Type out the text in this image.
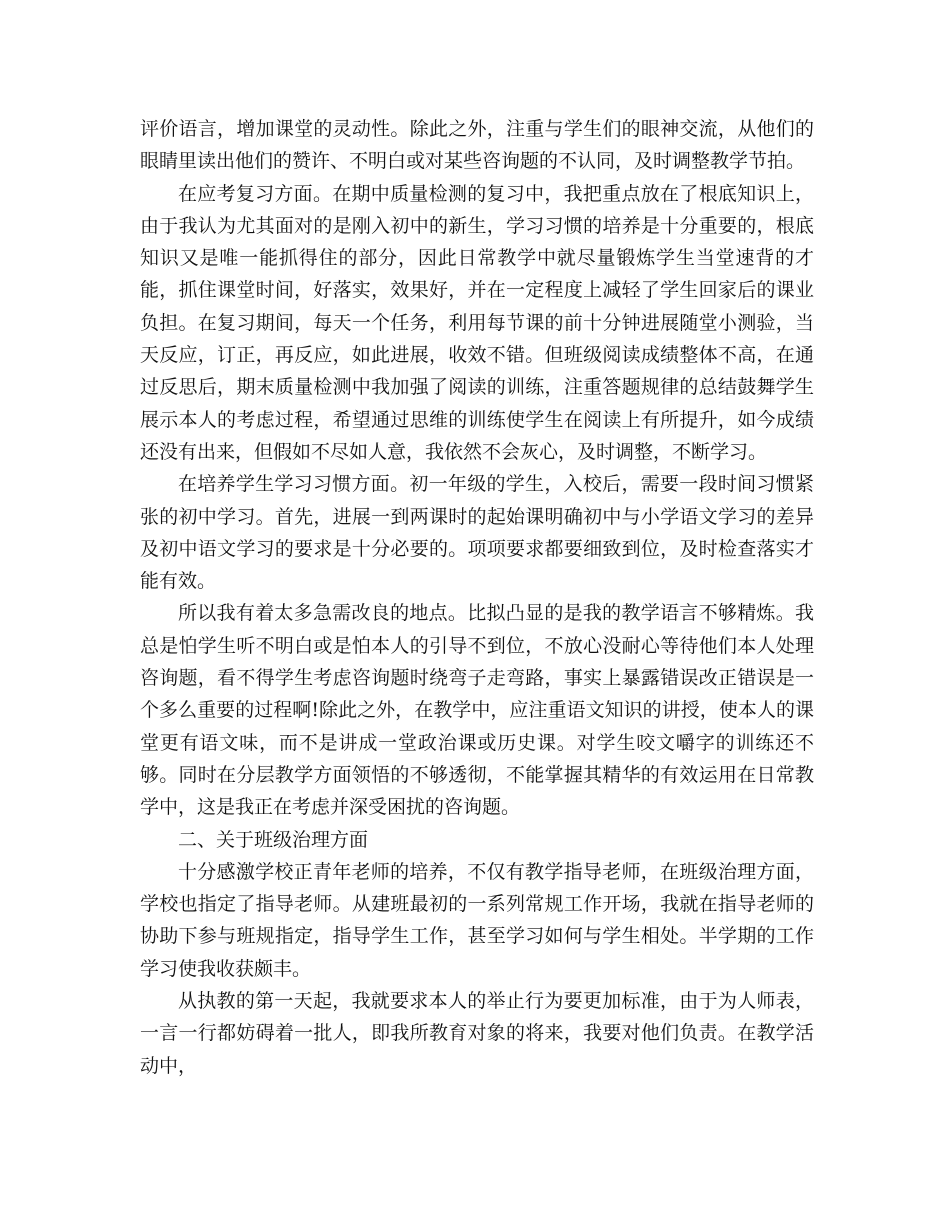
评价语言，增加课堂的灵动性。除此之外，注重与学生们的眼神交流，从他们的眼睛里读出他们的赞许、不明白或对某些咨询题的不认同，及时调整教学节拍。

在应考复习方面。在期中质量检测的复习中，我把重点放在了根底知识上，由于我认为尤其面对的是刚入初中的新生，学习习惯的培养是十分重要的，根底知识又是唯一能抓得住的部分，因此日常教学中就尽量锻炼学生当堂速背的才能，抓住课堂时间，好落实，效果好，并在一定程度上减轻了学生回家后的课业负担。在复习期间，每天一个任务，利用每节课的前十分钟进展随堂小测验，当天反应，订正，再反应，如此进展，收效不错。但班级阅读成绩整体不高，在通过反思后，期末质量检测中我加强了阅读的训练，注重答题规律的总结鼓舞学生展示本人的考虑过程，希望通过思维的训练使学生在阅读上有所提升，如今成绩还没有出来，但假如不尽如人意，我依然不会灰心，及时调整，不断学习。

在培养学生学习习惯方面。初一年级的学生，入校后，需要一段时间习惯紧张的初中学习。首先，进展一到两课时的起始课明确初中与小学语文学习的差异及初中语文学习的要求是十分必要的。项项要求都要细致到位，及时检查落实才能有效。

所以我有着太多急需改良的地点。比拟凸显的是我的教学语言不够精炼。我总是怕学生听不明白或是怕本人的引导不到位，不放心没耐心等待他们本人处理咨询题，看不得学生考虑咨询题时绕弯子走弯路，事实上暴露错误改正错误是一个多么重要的过程啊!除此之外，在教学中，应注重语文知识的讲授，使本人的课堂更有语文味，而不是讲成一堂政治课或历史课。对学生咬文嚼字的训练还不够。同时在分层教学方面领悟的不够透彻，不能掌握其精华的有效运用在日常教学中，这是我正在考虑并深受困扰的咨询题。

二、关于班级治理方面

十分感激学校正青年老师的培养，不仅有教学指导老师，在班级治理方面，学校也指定了指导老师。从建班最初的一系列常规工作开场，我就在指导老师的协助下参与班规指定，指导学生工作，甚至学习如何与学生相处。半学期的工作学习使我收获颇丰。

从执教的第一天起，我就要求本人的举止行为要更加标准，由于为人师表，一言一行都妨碍着一批人，即我所教育对象的将来，我要对他们负责。在教学活动中，
